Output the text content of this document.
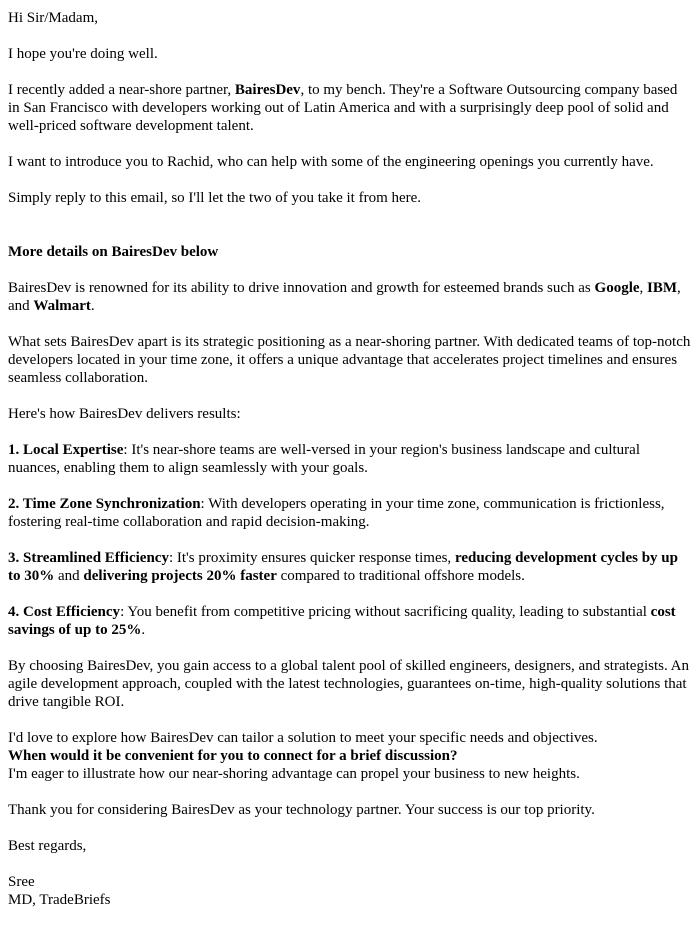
Hi Sir/Madam,

I hope you're doing well.

I recently added a near-shore partner, BairesDev, to my bench. They're a Software Outsourcing company based in San Francisco with developers working out of Latin America and with a surprisingly deep pool of solid and well-priced software development talent.

I want to introduce you to Rachid, who can help with some of the engineering openings you currently have.

Simply reply to this email, so I'll let the two of you take it from here.

More details on BairesDev below

BairesDev is renowned for its ability to drive innovation and growth for esteemed brands such as Google, IBM, and Walmart.

What sets BairesDev apart is its strategic positioning as a near-shoring partner. With dedicated teams of top-notch developers located in your time zone, it offers a unique advantage that accelerates project timelines and ensures seamless collaboration.

Here's how BairesDev delivers results:

1. Local Expertise: It's near-shore teams are well-versed in your region's business landscape and cultural nuances, enabling them to align seamlessly with your goals.

2. Time Zone Synchronization: With developers operating in your time zone, communication is frictionless, fostering real-time collaboration and rapid decision-making.

3. Streamlined Efficiency: It's proximity ensures quicker response times, reducing development cycles by up to 30% and delivering projects 20% faster compared to traditional offshore models.

4. Cost Efficiency: You benefit from competitive pricing without sacrificing quality, leading to substantial cost savings of up to 25%.

By choosing BairesDev, you gain access to a global talent pool of skilled engineers, designers, and strategists. An agile development approach, coupled with the latest technologies, guarantees on-time, high-quality solutions that drive tangible ROI.

I'd love to explore how BairesDev can tailor a solution to meet your specific needs and objectives.
When would it be convenient for you to connect for a brief discussion?
I'm eager to illustrate how our near-shoring advantage can propel your business to new heights.

Thank you for considering BairesDev as your technology partner. Your success is our top priority.

Best regards,

Sree
MD, TradeBriefs
